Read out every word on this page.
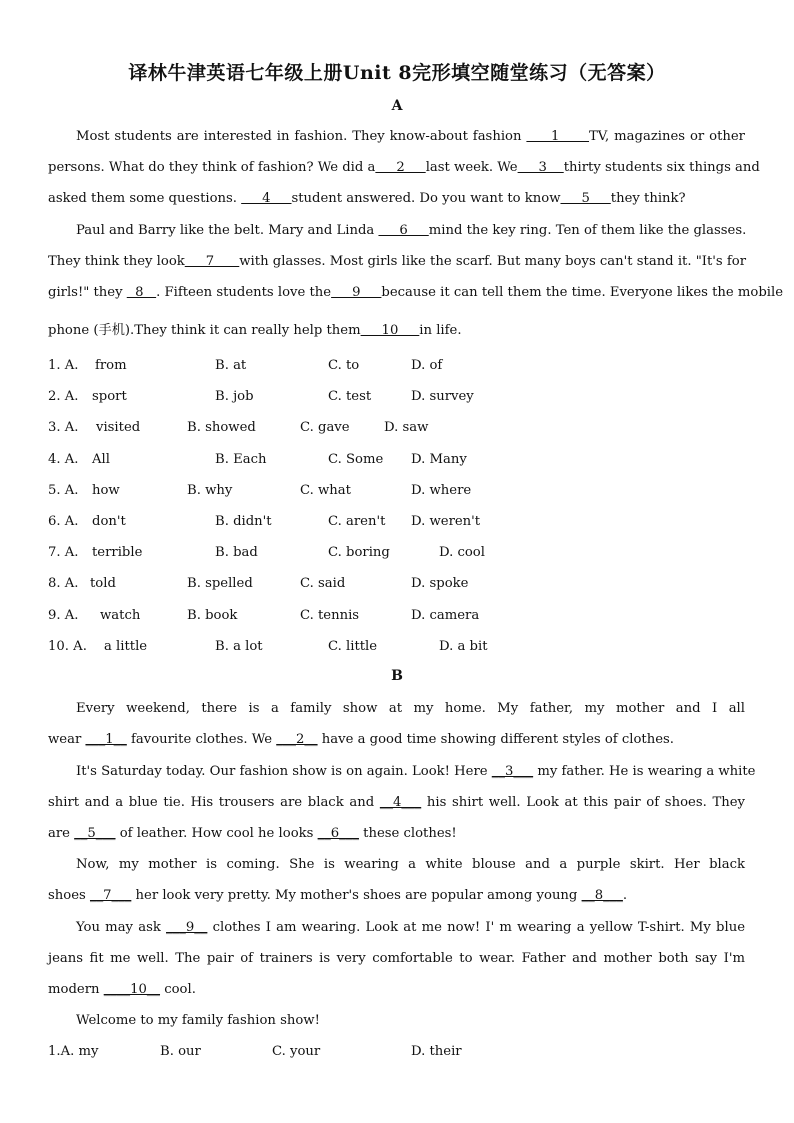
译林牛津英语七年级上册Unit 8完形填空随堂练习（无答案）
A
Most students are interested in fashion. They know-about fashion      1      TV, magazines or other
persons. What do they think of fashion? We did a     2     last week. We     3    thirty students six things and
asked them some questions.      4     student answered. Do you want to know     5     they think?
Paul and Barry like the belt. Mary and Linda      6     mind the key ring. Ten of them like the glasses.
They think they look     7      with glasses. Most girls like the scarf. But many boys can't stand it. "It's for
girls!" they   8   . Fifteen students love the     9     because it can tell them the time. Everyone likes the mobile
phone (手机).They think it can really help them     10     in life.
1. A. from	B. at	C. to	D. of
2. A. sport	B. job	C. test	D. survey
3. A. visited	B. showed	C. gave	D. saw
4. A. All	B. Each	C. Some D. Many
5. A. how	B. why	C. what	D. where
6. A. don't	B. didn't	C. aren't D. weren't
7. A. terrible	B. bad	C. boring	D. cool
8. A. told	B. spelled	C. said	D. spoke
9. A. watch	B. book	C. tennis	D. camera
10. A. a little	B. a lot	C. little	D. a bit
B
Every weekend, there is a family show at my home. My father, my mother and I all
wear ___1__ favourite clothes. We ___2__ have a good time showing different styles of clothes.
It's Saturday today. Our fashion show is on again. Look! Here __3___ my father. He is wearing a white
shirt and a blue tie. His trousers are black and __4___ his shirt well. Look at this pair of shoes. They
are __5___ of leather. How cool he looks __6___ these clothes!
Now, my mother is coming. She is wearing a white blouse and a purple skirt. Her black
shoes __7___ her look very pretty. My mother's shoes are popular among young __8___.
You may ask ___9__ clothes I am wearing. Look at me now! I' m wearing a yellow T-shirt. My blue
jeans fit me well. The pair of trainers is very comfortable to wear. Father and mother both say I'm
modern ____10__ cool.
Welcome to my family fashion show!
1.A. my	B. our	C. your	D. their
